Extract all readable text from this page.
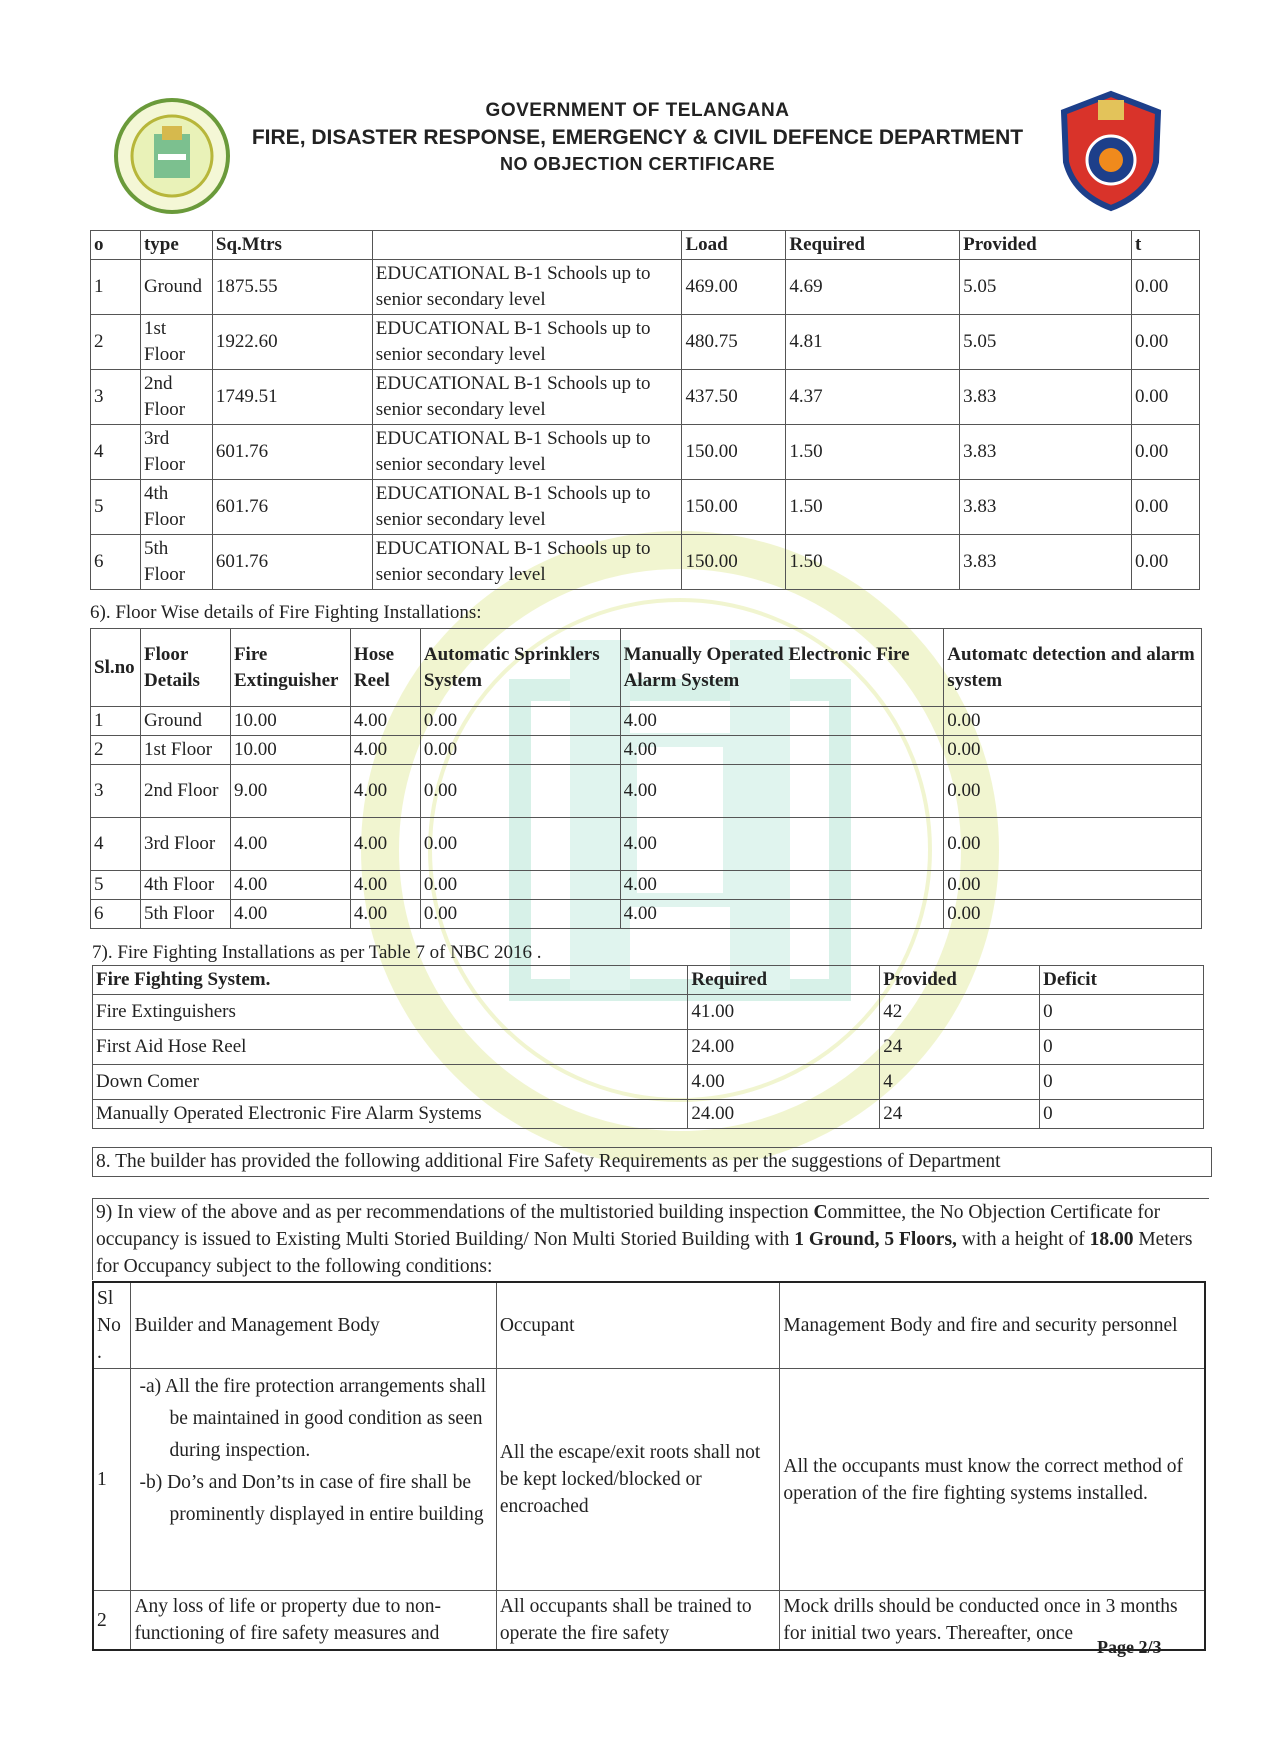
GOVERNMENT OF TELANGANA
FIRE, DISASTER RESPONSE, EMERGENCY & CIVIL DEFENCE DEPARTMENT
NO OBJECTION CERTIFICARE
o	type	Sq.Mtrs		Load	Required	Provided	t
1	Ground	1875.55	EDUCATIONAL B-1 Schools up to senior secondary level	469.00	4.69	5.05	0.00
2	1st Floor	1922.60	EDUCATIONAL B-1 Schools up to senior secondary level	480.75	4.81	5.05	0.00
3	2nd Floor	1749.51	EDUCATIONAL B-1 Schools up to senior secondary level	437.50	4.37	3.83	0.00
4	3rd Floor	601.76	EDUCATIONAL B-1 Schools up to senior secondary level	150.00	1.50	3.83	0.00
5	4th Floor	601.76	EDUCATIONAL B-1 Schools up to senior secondary level	150.00	1.50	3.83	0.00
6	5th Floor	601.76	EDUCATIONAL B-1 Schools up to senior secondary level	150.00	1.50	3.83	0.00
6). Floor Wise details of Fire Fighting Installations:
Sl.no	Floor Details	Fire Extinguisher	Hose Reel	Automatic Sprinklers System	Manually Operated Electronic Fire Alarm System	Automatc detection and alarm system
1	Ground	10.00	4.00	0.00	4.00	0.00
2	1st Floor	10.00	4.00	0.00	4.00	0.00
3	2nd Floor	9.00	4.00	0.00	4.00	0.00
4	3rd Floor	4.00	4.00	0.00	4.00	0.00
5	4th Floor	4.00	4.00	0.00	4.00	0.00
6	5th Floor	4.00	4.00	0.00	4.00	0.00
7). Fire Fighting Installations as per Table 7 of NBC 2016 .
Fire Fighting System.	Required	Provided	Deficit
Fire Extinguishers	41.00	42	0
First Aid Hose Reel	24.00	24	0
Down Comer	4.00	4	0
Manually Operated Electronic Fire Alarm Systems	24.00	24	0
8. The builder has provided the following additional Fire Safety Requirements as per the suggestions of Department
9) In view of the above and as per recommendations of the multistoried building inspection Committee, the No Objection Certificate for occupancy is issued to Existing Multi Storied Building/ Non Multi Storied Building with 1 Ground, 5 Floors, with a height of 18.00 Meters for Occupancy subject to the following conditions:
Sl No .	Builder and Management Body	Occupant	Management Body and fire and security personnel
1	-a) All the fire protection arrangements shall be maintained in good condition as seen during inspection.
-b) Do’s and Don’ts in case of fire shall be prominently displayed in entire building	All the escape/exit roots shall not be kept locked/blocked or encroached	All the occupants must know the correct method of operation of the fire fighting systems installed.
2	Any loss of life or property due to non-functioning of fire safety measures and	All occupants shall be trained to operate the fire safety	Mock drills should be conducted once in 3 months for initial two years. Thereafter, once
Page 2/3
